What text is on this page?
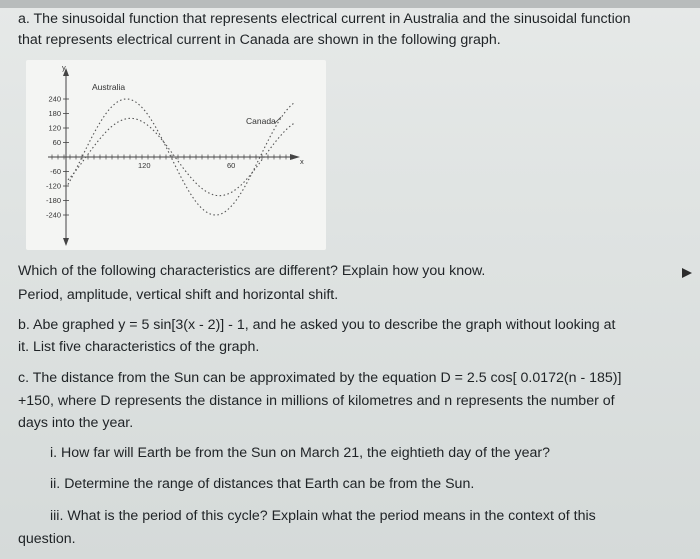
a. The sinusoidal function that represents electrical current in Australia and the sinusoidal function
that represents electrical current in Canada are shown in the following graph.
y
x
240
180
120
60
-60
-120
-180
-240
120	60
Australia
Canada
Which of the following characteristics are different? Explain how you know.
Period, amplitude, vertical shift and horizontal shift.
b. Abe graphed y = 5 sin[3(x - 2)] - 1, and he asked you to describe the graph without looking at
it. List five characteristics of the graph.
c. The distance from the Sun can be approximated by the equation D = 2.5 cos[ 0.0172(n - 185)]
+150, where D represents the distance in millions of kilometres and n represents the number of
days into the year.
i. How far will Earth be from the Sun on March 21, the eightieth day of the year?
ii. Determine the range of distances that Earth can be from the Sun.
iii. What is the period of this cycle? Explain what the period means in the context of this
question.
